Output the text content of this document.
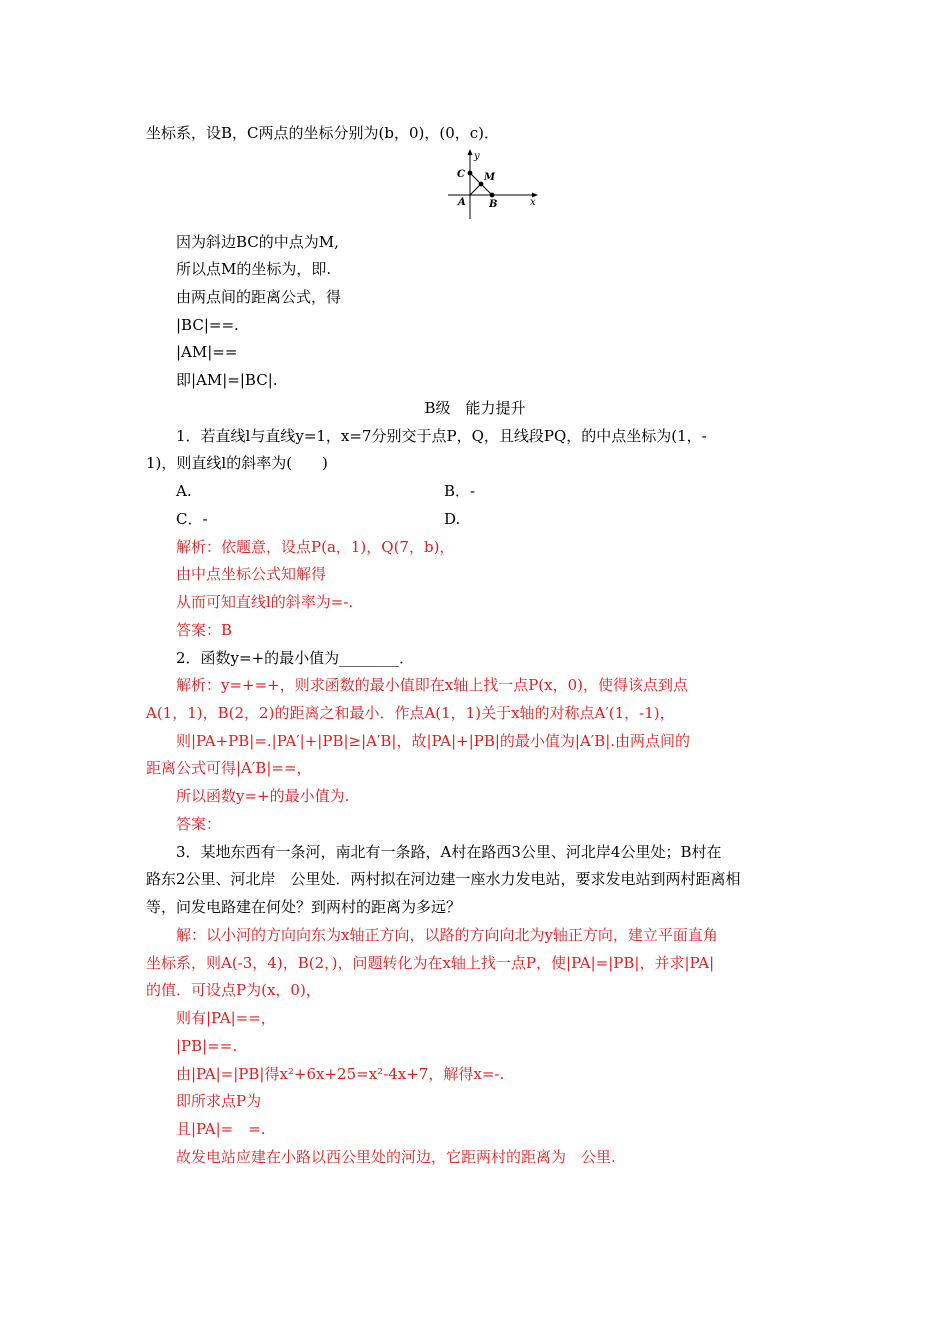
坐标系，设B，C两点的坐标分别为(b，0)，(0，c)．
y
C M
A B	x
因为斜边BC的中点为M,
所以点M的坐标为，即.
由两点间的距离公式，得
|BC|==.
|AM|==
即|AM|=|BC|.
B级　能力提升
1．若直线l与直线y=1，x=7分别交于点P，Q，且线段PQ，的中点坐标为(1，-
1)，则直线l的斜率为(　　)
A.	B．-
C．-	D.
解析：依题意，设点P(a，1)，Q(7，b)，
由中点坐标公式知解得
从而可知直线l的斜率为=-.
答案：B
2．函数y=+的最小值为________．
解析：y=+=+，则求函数的最小值即在x轴上找一点P(x，0)，使得该点到点
A(1，1)，B(2，2)的距离之和最小．作点A(1，1)关于x轴的对称点A′(1，-1)，
则|PA+PB|=.|PA′|+|PB|≥|A′B|，故|PA|+|PB|的最小值为|A′B|.由两点间的
距离公式可得|A′B|==，
所以函数y=+的最小值为.
答案：
3．某地东西有一条河，南北有一条路，A村在路西3公里、河北岸4公里处；B村在
路东2公里、河北岸　公里处．两村拟在河边建一座水力发电站，要求发电站到两村距离相
等，问发电路建在何处？到两村的距离为多远？
解：以小河的方向向东为x轴正方向，以路的方向向北为y轴正方向，建立平面直角
坐标系，则A(-3，4)，B(2，)，问题转化为在x轴上找一点P，使|PA|=|PB|，并求|PA|
的值．可设点P为(x，0)，
则有|PA|==，
|PB|==.
由|PA|=|PB|得x²+6x+25=x²-4x+7，解得x=-.
即所求点P为
且|PA|=　=.
故发电站应建在小路以西公里处的河边，它距两村的距离为　公里.
